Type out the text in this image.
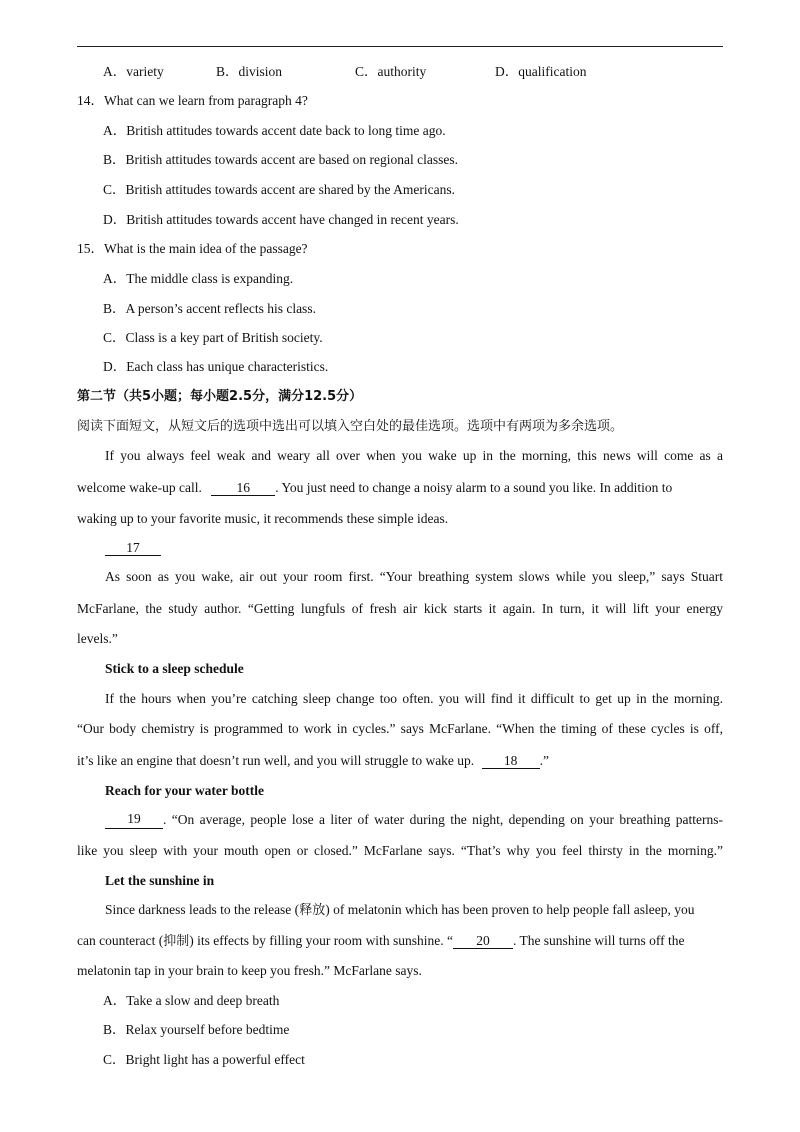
A．variety	B．division	C．authority	D．qualification
14．What can we learn from paragraph 4?
A．British attitudes towards accent date back to long time ago.
B．British attitudes towards accent are based on regional classes.
C．British attitudes towards accent are shared by the Americans.
D．British attitudes towards accent have changed in recent years.
15．What is the main idea of the passage?
A．The middle class is expanding.
B．A person’s accent reflects his class.
C．Class is a key part of British society.
D．Each class has unique characteristics.
第二节（共5小题；每小题2.5分，满分12.5分）
阅读下面短文，从短文后的选项中选出可以填入空白处的最佳选项。选项中有两项为多余选项。
If you always feel weak and weary all over when you wake up in the morning, this news will come as a
welcome wake-up call.	16 . You just need to change a noisy alarm to a sound you like. In addition to
waking up to your favorite music, it recommends these simple ideas.
17
As soon as you wake, air out your room first. “Your breathing system slows while you sleep,” says Stuart
McFarlane, the study author. “Getting lungfuls of fresh air kick starts it again. In turn, it will lift your energy
levels.”
Stick to a sleep schedule
If the hours when you’re catching sleep change too often. you will find it difficult to get up in the morning.
“Our body chemistry is programmed to work in cycles.” says McFarlane. “When the timing of these cycles is off,
it’s like an engine that doesn’t run well, and you will struggle to wake up. 18 .”
Reach for your water bottle
19	. “On average, people lose a liter of water during the night, depending on your breathing patterns-
like you sleep with your mouth open or closed.” McFarlane says. “That’s why you feel thirsty in the morning.”
Let the sunshine in
Since darkness leads to the release (释放) of melatonin which has been proven to help people fall asleep, you
can counteract (抑制) its effects by filling your room with sunshine. “ 20 . The sunshine will turns off the
melatonin tap in your brain to keep you fresh.” McFarlane says.
A．Take a slow and deep breath
B．Relax yourself before bedtime
C．Bright light has a powerful effect
